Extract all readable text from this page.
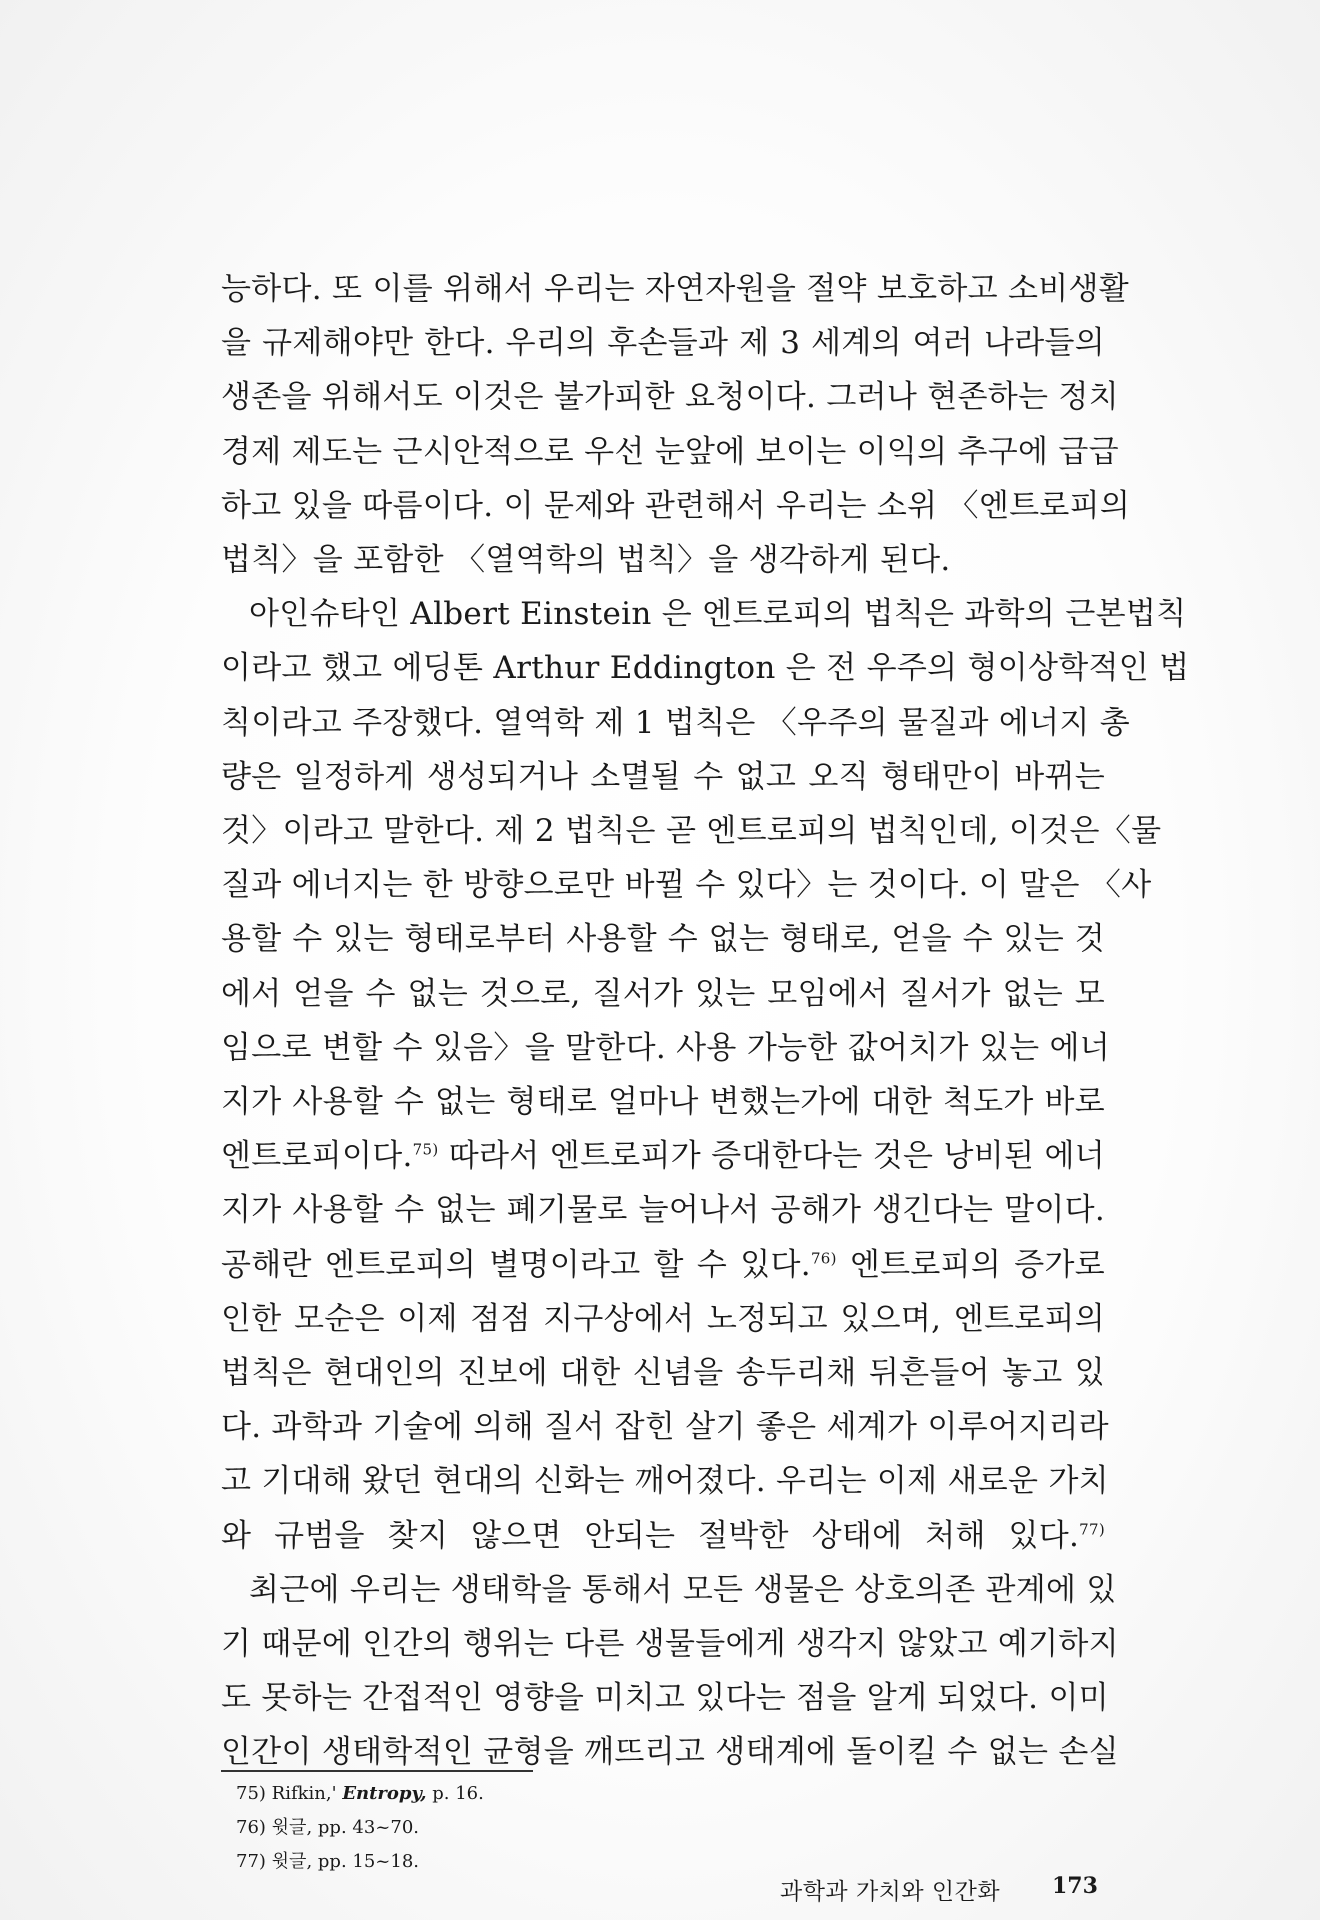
능하다. 또 이를 위해서 우리는 자연자원을 절약 보호하고 소비생활
을 규제해야만 한다. 우리의 후손들과 제 3 세계의 여러 나라들의
생존을 위해서도 이것은 불가피한 요청이다. 그러나 현존하는 정치
경제 제도는 근시안적으로 우선 눈앞에 보이는 이익의 추구에 급급
하고 있을 따름이다. 이 문제와 관련해서 우리는 소위 〈엔트로피의
법칙〉을 포함한 〈열역학의 법칙〉을 생각하게 된다.
아인슈타인 Albert Einstein 은 엔트로피의 법칙은 과학의 근본법칙
이라고 했고 에딩톤 Arthur Eddington 은 전 우주의 형이상학적인 법
칙이라고 주장했다. 열역학 제 1 법칙은 〈우주의 물질과 에너지 총
량은 일정하게 생성되거나 소멸될 수 없고 오직 형태만이 바뀌는
것〉이라고 말한다. 제 2 법칙은 곧 엔트로피의 법칙인데, 이것은〈물
질과 에너지는 한 방향으로만 바뀔 수 있다〉는 것이다. 이 말은 〈사
용할 수 있는 형태로부터 사용할 수 없는 형태로, 얻을 수 있는 것
에서 얻을 수 없는 것으로, 질서가 있는 모임에서 질서가 없는 모
임으로 변할 수 있음〉을 말한다. 사용 가능한 값어치가 있는 에너
지가 사용할 수 없는 형태로 얼마나 변했는가에 대한 척도가 바로
엔트로피이다.$^{75)}$ 따라서 엔트로피가 증대한다는 것은 낭비된 에너
지가 사용할 수 없는 폐기물로 늘어나서 공해가 생긴다는 말이다.
공해란 엔트로피의 별명이라고 할 수 있다.$^{76)}$ 엔트로피의 증가로
인한 모순은 이제 점점 지구상에서 노정되고 있으며, 엔트로피의
법칙은 현대인의 진보에 대한 신념을 송두리채 뒤흔들어 놓고 있
다. 과학과 기술에 의해 질서 잡힌 살기 좋은 세계가 이루어지리라
고 기대해 왔던 현대의 신화는 깨어졌다. 우리는 이제 새로운 가치
와 규범을 찾지 않으면 안되는 절박한 상태에 처해 있다.$^{77)}$
최근에 우리는 생태학을 통해서 모든 생물은 상호의존 관계에 있
기 때문에 인간의 행위는 다른 생물들에게 생각지 않았고 예기하지
도 못하는 간접적인 영향을 미치고 있다는 점을 알게 되었다. 이미
인간이 생태학적인 균형을 깨뜨리고 생태계에 돌이킬 수 없는 손실
75) Rifkin,' Entropy, p. 16.
76) 윗글, pp. 43~70.
77) 윗글, pp. 15~18.
과학과 가치와 인간화 173
